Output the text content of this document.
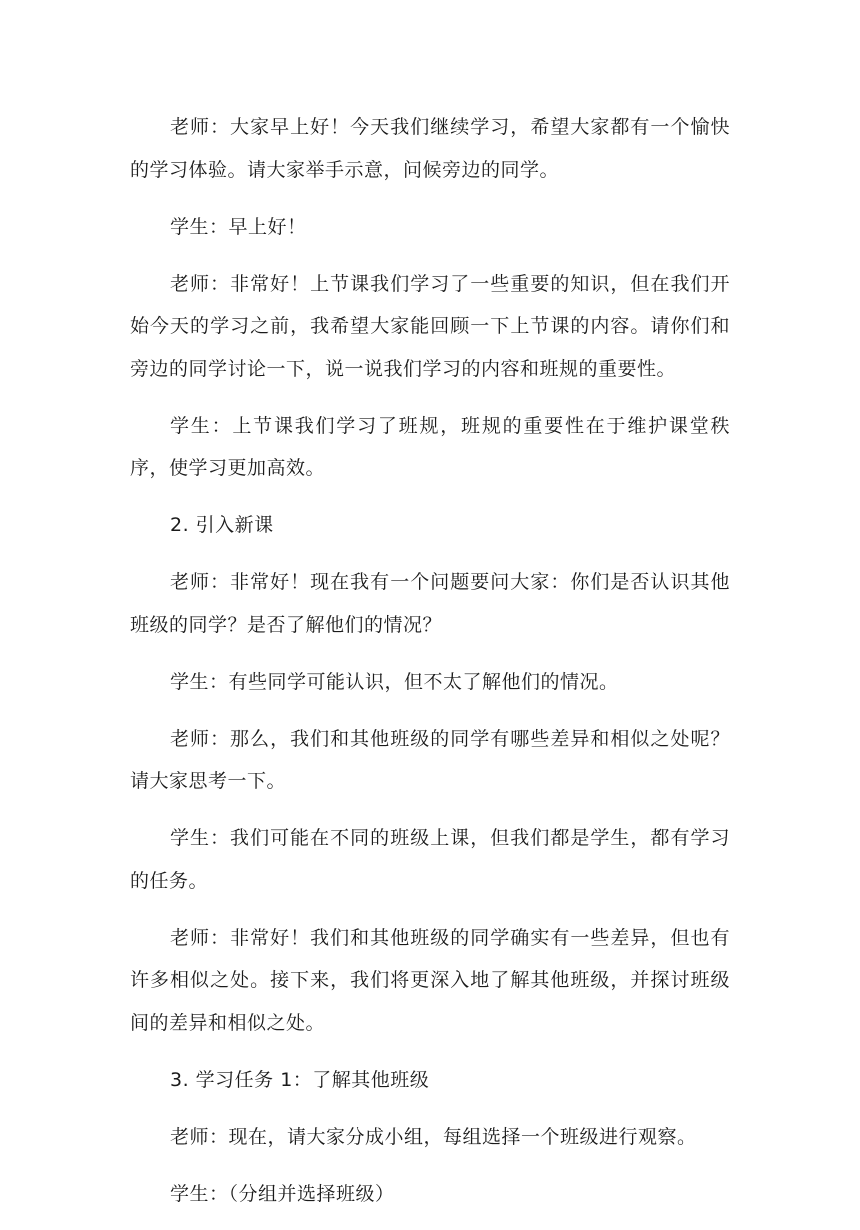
老师：大家早上好！今天我们继续学习，希望大家都有一个愉快的学习体验。请大家举手示意，问候旁边的同学。

学生：早上好！

老师：非常好！上节课我们学习了一些重要的知识，但在我们开始今天的学习之前，我希望大家能回顾一下上节课的内容。请你们和旁边的同学讨论一下，说一说我们学习的内容和班规的重要性。

学生：上节课我们学习了班规，班规的重要性在于维护课堂秩序，使学习更加高效。

2. 引入新课

老师：非常好！现在我有一个问题要问大家：你们是否认识其他班级的同学？是否了解他们的情况？

学生：有些同学可能认识，但不太了解他们的情况。

老师：那么，我们和其他班级的同学有哪些差异和相似之处呢？请大家思考一下。

学生：我们可能在不同的班级上课，但我们都是学生，都有学习的任务。

老师：非常好！我们和其他班级的同学确实有一些差异，但也有许多相似之处。接下来，我们将更深入地了解其他班级，并探讨班级间的差异和相似之处。

3. 学习任务 1：了解其他班级

老师：现在，请大家分成小组，每组选择一个班级进行观察。

学生：（分组并选择班级）
